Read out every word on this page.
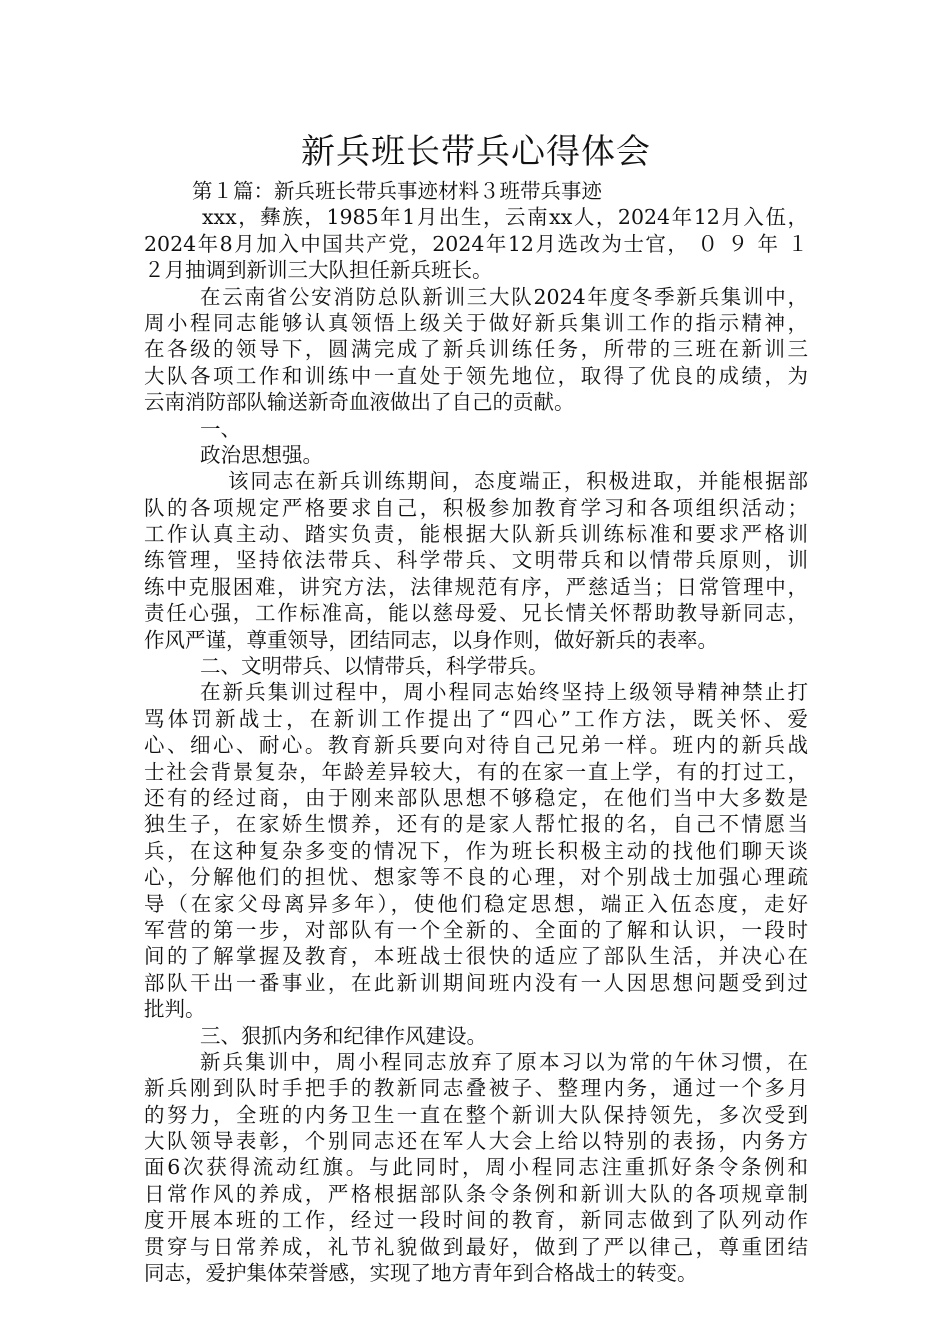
新兵班长带兵心得体会
第１篇：新兵班长带兵事迹材料３班带兵事迹
xxx，彝族，1985年1月出生，云南xx人，2024年12月入伍，
2024年8月加入中国共产党，2024年12月选改为士官， ０ ９ 年 １
２月抽调到新训三大队担任新兵班长。
在云南省公安消防总队新训三大队2024年度冬季新兵集训中，
周小程同志能够认真领悟上级关于做好新兵集训工作的指示精神，
在各级的领导下，圆满完成了新兵训练任务，所带的三班在新训三
大队各项工作和训练中一直处于领先地位，取得了优良的成绩，为
云南消防部队输送新奇血液做出了自己的贡献。
一、
政治思想强。
该同志在新兵训练期间，态度端正，积极进取，并能根据部
队的各项规定严格要求自己，积极参加教育学习和各项组织活动；
工作认真主动、踏实负责，能根据大队新兵训练标准和要求严格训
练管理，坚持依法带兵、科学带兵、文明带兵和以情带兵原则，训
练中克服困难，讲究方法，法律规范有序，严慈适当；日常管理中，
责任心强，工作标准高，能以慈母爱、兄长情关怀帮助教导新同志，
作风严谨，尊重领导，团结同志，以身作则，做好新兵的表率。
二、文明带兵、以情带兵，科学带兵。
在新兵集训过程中，周小程同志始终坚持上级领导精神禁止打
骂体罚新战士，在新训工作提出了“四心”工作方法，既关怀、爱
心、细心、耐心。教育新兵要向对待自己兄弟一样。班内的新兵战
士社会背景复杂，年龄差异较大，有的在家一直上学，有的打过工，
还有的经过商，由于刚来部队思想不够稳定，在他们当中大多数是
独生子，在家娇生惯养，还有的是家人帮忙报的名，自己不情愿当
兵，在这种复杂多变的情况下，作为班长积极主动的找他们聊天谈
心，分解他们的担忧、想家等不良的心理，对个别战士加强心理疏
导（在家父母离异多年），使他们稳定思想，端正入伍态度，走好
军营的第一步，对部队有一个全新的、全面的了解和认识，一段时
间的了解掌握及教育，本班战士很快的适应了部队生活，并决心在
部队干出一番事业，在此新训期间班内没有一人因思想问题受到过
批判。
三、狠抓内务和纪律作风建设。
新兵集训中，周小程同志放弃了原本习以为常的午休习惯，在
新兵刚到队时手把手的教新同志叠被子、整理内务，通过一个多月
的努力，全班的内务卫生一直在整个新训大队保持领先，多次受到
大队领导表彰，个别同志还在军人大会上给以特别的表扬，内务方
面6次获得流动红旗。与此同时，周小程同志注重抓好条令条例和
日常作风的养成，严格根据部队条令条例和新训大队的各项规章制
度开展本班的工作，经过一段时间的教育，新同志做到了队列动作
贯穿与日常养成，礼节礼貌做到最好，做到了严以律己，尊重团结
同志，爱护集体荣誉感，实现了地方青年到合格战士的转变。
